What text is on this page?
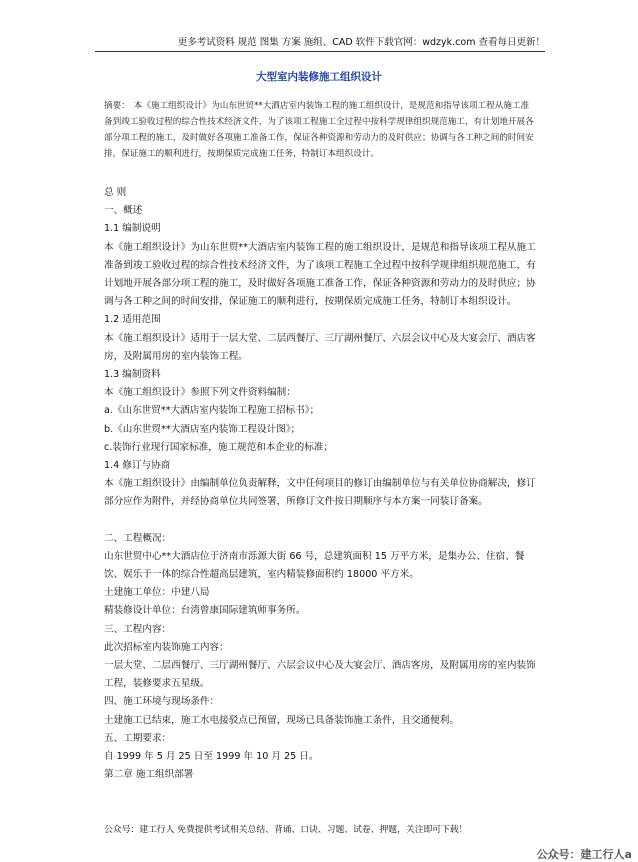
更多考试资料 规范 图集 方案 施组、CAD 软件下载官网：wdzyk.com 查看每日更新！
大型室内装修施工组织设计
摘要： 本《施工组织设计》为山东世贸**大酒店室内装饰工程的施工组织设计，是规范和指导该项工程从施工准备到竣工验收过程的综合性技术经济文件，为了该项工程施工全过程中按科学规律组织规范施工，有计划地开展各部分项工程的施工，及时做好各项施工准备工作，保证各种资源和劳动力的及时供应；协调与各工种之间的时间安排，保证施工的顺利进行，按期保质完成施工任务，特制订本组织设计。

总 则

一、概述

1.1 编制说明

本《施工组织设计》为山东世贸**大酒店室内装饰工程的施工组织设计，是规范和指导该项工程从施工准备到竣工验收过程的综合性技术经济文件，为了该项工程施工全过程中按科学规律组织规范施工，有计划地开展各部分项工程的施工，及时做好各项施工准备工作，保证各种资源和劳动力的及时供应；协调与各工种之间的时间安排，保证施工的顺利进行，按期保质完成施工任务，特制订本组织设计。

1.2 适用范围

本《施工组织设计》适用于一层大堂、二层西餐厅、三厅湖州餐厅、六层会议中心及大宴会厅、酒店客房，及附属用房的室内装饰工程。

1.3 编制资料

本《施工组织设计》参照下列文件资料编制：

a.《山东世贸**大酒店室内装饰工程施工招标书》；

b.《山东世贸**大酒店室内装饰工程设计图》；

c.装饰行业现行国家标准，施工规范和本企业的标准；

1.4 修订与协商

本《施工组织设计》由编制单位负责解释，文中任何项目的修订由编制单位与有关单位协商解决，修订部分应作为附件，并经协商单位共同签署，所修订文件按日期顺序与本方案一同装订备案。

二、工程概况：

山东世贸中心**大酒店位于济南市泺源大街 66 号，总建筑面积 15 万平方米，是集办公、住宿、餐饮、娱乐于一体的综合性超高层建筑，室内精装修面积约 18000 平方米。

土建施工单位：中建八局

精装修设计单位：台湾曾康国际建筑师事务所。

三、工程内容：

此次招标室内装饰施工内容：

一层大堂、二层西餐厅、三厅湖州餐厅、六层会议中心及大宴会厅、酒店客房，及附属用房的室内装饰工程，装修要求五星级。

四、施工环境与现场条件：

土建施工已结束，施工水电接驳点已预留，现场已具备装饰施工条件，且交通便利。

五、工期要求：

自 1999 年 5 月 25 日至 1999 年 10 月 25 日。

第二章 施工组织部署

公众号：建工行人 免费提供考试相关总结、背诵、口诀、习题、试卷、押题，关注即可下载！
公众号：建工行人a
